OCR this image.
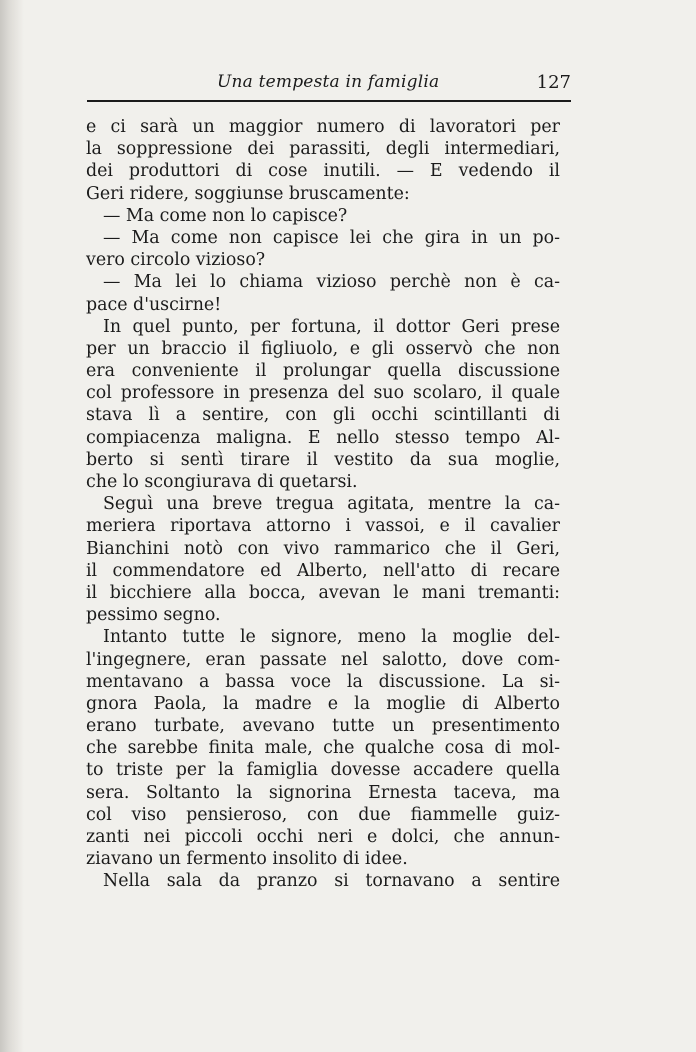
Una tempesta in famiglia	127
e ci sarà un maggior numero di lavoratori per
la soppressione dei parassiti, degli intermediari,
dei produttori di cose inutili. — E vedendo il
Geri ridere, soggiunse bruscamente:
— Ma come non lo capisce?
— Ma come non capisce lei che gira in un po-
vero circolo vizioso?
— Ma lei lo chiama vizioso perchè non è ca-
pace d'uscirne!
In quel punto, per fortuna, il dottor Geri prese
per un braccio il figliuolo, e gli osservò che non
era conveniente il prolungar quella discussione
col professore in presenza del suo scolaro, il quale
stava lì a sentire, con gli occhi scintillanti di
compiacenza maligna. E nello stesso tempo Al-
berto si sentì tirare il vestito da sua moglie,
che lo scongiurava di quetarsi.
Seguì una breve tregua agitata, mentre la ca-
meriera riportava attorno i vassoi, e il cavalier
Bianchini notò con vivo rammarico che il Geri,
il commendatore ed Alberto, nell'atto di recare
il bicchiere alla bocca, avevan le mani tremanti:
pessimo segno.
Intanto tutte le signore, meno la moglie del-
l'ingegnere, eran passate nel salotto, dove com-
mentavano a bassa voce la discussione. La si-
gnora Paola, la madre e la moglie di Alberto
erano turbate, avevano tutte un presentimento
che sarebbe finita male, che qualche cosa di mol-
to triste per la famiglia dovesse accadere quella
sera. Soltanto la signorina Ernesta taceva, ma
col viso pensieroso, con due fiammelle guiz-
zanti nei piccoli occhi neri e dolci, che annun-
ziavano un fermento insolito di idee.
Nella sala da pranzo si tornavano a sentire
